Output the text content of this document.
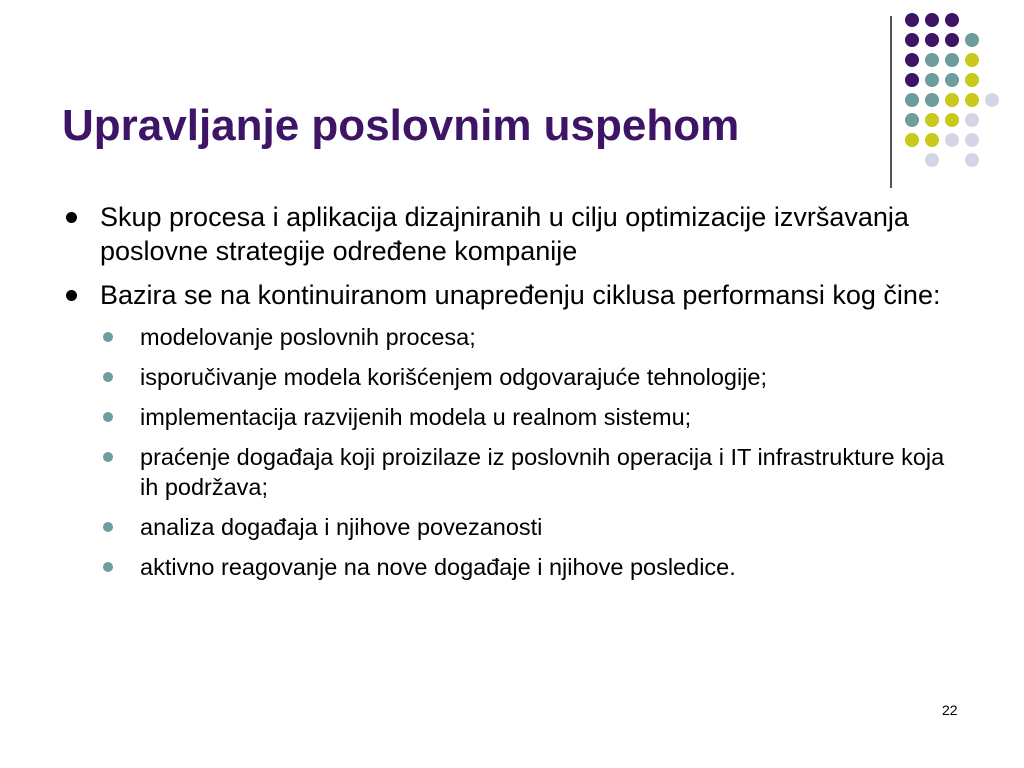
Upravljanje poslovnim uspehom
Skup procesa i aplikacija dizajniranih u cilju optimizacije izvršavanja poslovne strategije određene kompanije
Bazira se na kontinuiranom unapređenju ciklusa performansi kog čine:
modelovanje poslovnih procesa;
isporučivanje modela korišćenjem odgovarajuće tehnologije;
implementacija razvijenih modela u realnom sistemu;
praćenje događaja koji proizilaze iz poslovnih operacija i IT infrastrukture koja ih podržava;
analiza događaja i njihove povezanosti
aktivno reagovanje na nove događaje i njihove posledice.
22
